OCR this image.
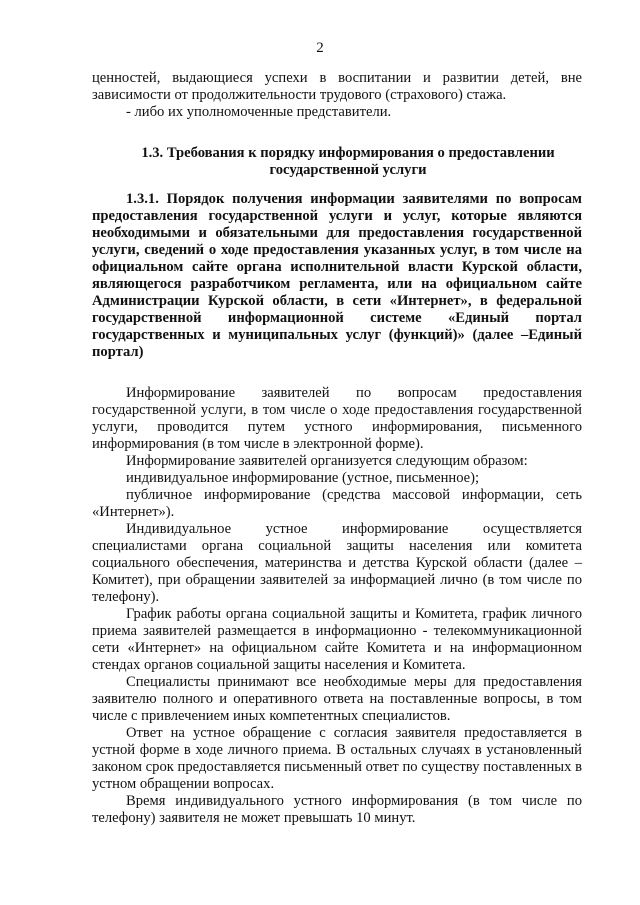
2

ценностей, выдающиеся успехи в воспитании и развитии детей, вне зависимости от продолжительности трудового (страхового) стажа.

- либо их уполномоченные представители.

1.3. Требования к порядку информирования о предоставлении государственной услуги

1.3.1. Порядок получения информации заявителями по вопросам предоставления государственной услуги и услуг, которые являются необходимыми и обязательными для предоставления государственной услуги, сведений о ходе предоставления указанных услуг, в том числе на официальном сайте органа исполнительной власти Курской области, являющегося разработчиком регламента, или на официальном сайте Администрации Курской области, в сети «Интернет», в федеральной государственной информационной системе «Единый портал государственных и муниципальных услуг (функций)» (далее –Единый портал)

Информирование заявителей по вопросам предоставления государственной услуги, в том числе о ходе предоставления государственной услуги, проводится путем устного информирования, письменного информирования (в том числе в электронной форме).

Информирование заявителей организуется следующим образом:

индивидуальное информирование (устное, письменное);

публичное информирование (средства массовой информации, сеть «Интернет»).

Индивидуальное устное информирование осуществляется специалистами органа социальной защиты населения или комитета социального обеспечения, материнства и детства Курской области (далее – Комитет), при обращении заявителей за информацией лично (в том числе по телефону).

График работы органа социальной защиты и Комитета, график личного приема заявителей размещается в информационно - телекоммуникационной сети «Интернет» на официальном сайте Комитета и на информационном стендах органов социальной защиты населения и Комитета.

Специалисты принимают все необходимые меры для предоставления заявителю полного и оперативного ответа на поставленные вопросы, в том числе с привлечением иных компетентных специалистов.

Ответ на устное обращение с согласия заявителя предоставляется в устной форме в ходе личного приема. В остальных случаях в установленный законом срок предоставляется письменный ответ по существу поставленных в устном обращении вопросах.

Время индивидуального устного информирования (в том числе по телефону) заявителя не может превышать 10 минут.
